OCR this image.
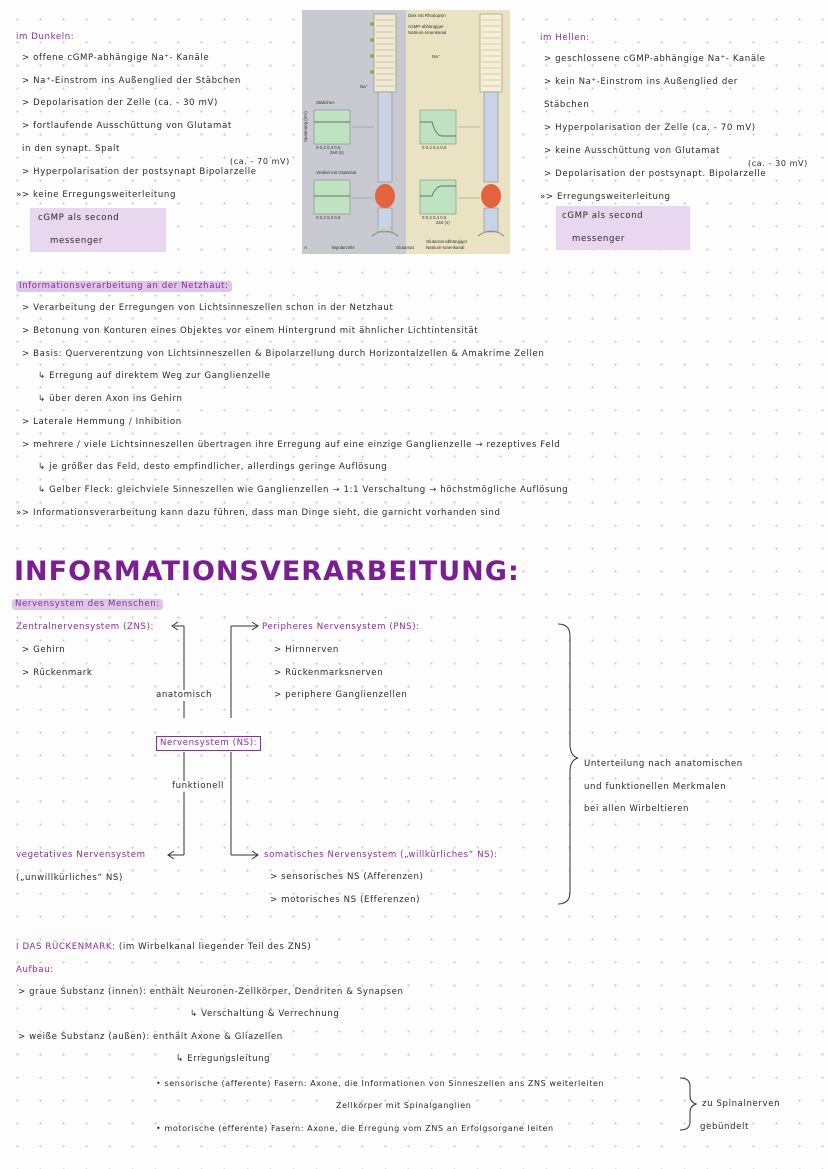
im Dunkeln:
> offene cGMP-abhängige Na⁺- Kanäle
> Na⁺-Einstrom ins Außenglied der Stäbchen
> Depolarisation der Zelle (ca. - 30 mV)
> fortlaufende Ausschüttung von Glutamat
in den synapt. Spalt
(ca. - 70 mV)
> Hyperpolarisation der postsynapt Bipolarzelle
»> keine Erregungsweiterleitung
cGMP als second
messenger
Disk mit Rhodopsin
cGMP-abhängiger
Natrium-Ionenkanal
Na⁺
Na⁺
Stäbchen
Vesikel mit Glutamat
A	Bipolarzelle	Glutamat
Glutamat-abhängiger
Natrium-Ionenkanal
0 0,2 0,4 0,6
0 0,2 0,4 0,6
0 0,2 0,4 0,6
0 0,2 0,4 0,6
Zeit (s)
Zeit (s)
Spannung (mV)
im Hellen:
> geschlossene cGMP-abhängige Na⁺- Kanäle
> kein Na⁺-Einstrom ins Außenglied der
Stäbchen
> Hyperpolarisation der Zelle (ca. - 70 mV)
> keine Ausschüttung von Glutamat
(ca. - 30 mV)
> Depolarisation der postsynapt. Bipolarzelle
»> Erregungsweiterleitung
cGMP als second
messenger
Informationsverarbeitung an der Netzhaut:
> Verarbeitung der Erregungen von Lichtsinneszellen schon in der Netzhaut
> Betonung von Konturen eines Objektes vor einem Hintergrund mit ähnlicher Lichtintensität
> Basis: Querverentzung von Lichtsinneszellen & Bipolarzellung durch Horizontalzellen & Amakrime Zellen
↳ Erregung auf direktem Weg zur Ganglienzelle
↳ über deren Axon ins Gehirn
> Laterale Hemmung / Inhibition
> mehrere / viele Lichtsinneszellen übertragen ihre Erregung auf eine einzige Ganglienzelle → rezeptives Feld
↳ je größer das Feld, desto empfindlicher, allerdings geringe Auflösung
↳ Gelber Fleck: gleichviele Sinneszellen wie Ganglienzellen → 1:1 Verschaltung → höchstmögliche Auflösung
»> Informationsverarbeitung kann dazu führen, dass man Dinge sieht, die garnicht vorhanden sind
INFORMATIONSVERARBEITUNG:
Nervensystem des Menschen:
Zentralnervensystem (ZNS):
> Gehirn
> Rückenmark
Peripheres Nervensystem (PNS):
> Hirnnerven
> Rückenmarksnerven
> periphere Ganglienzellen
anatomisch
Nervensystem (NS):
funktionell
vegetatives Nervensystem
(„unwillkürliches“ NS)
somatisches Nervensystem („willkürliches“ NS):
> sensorisches NS (Afferenzen)
> motorisches NS (Efferenzen)
Unterteilung nach anatomischen
und funktionellen Merkmalen
bei allen Wirbeltieren
I DAS RÜCKENMARK: (im Wirbelkanal liegender Teil des ZNS)
Aufbau:
> graue Substanz (innen): enthält Neuronen-Zellkörper, Dendriten & Synapsen
↳ Verschaltung & Verrechnung
> weiße Substanz (außen): enthält Axone & Gliazellen
↳ Erregungsleitung
• sensorische (afferente) Fasern: Axone, die Informationen von Sinneszellen ans ZNS weiterleiten
Zellkörper mit Spinalganglien
• motorische (efferente) Fasern: Axone, die Erregung vom ZNS an Erfolgsorgane leiten
zu Spinalnerven
gebündelt
